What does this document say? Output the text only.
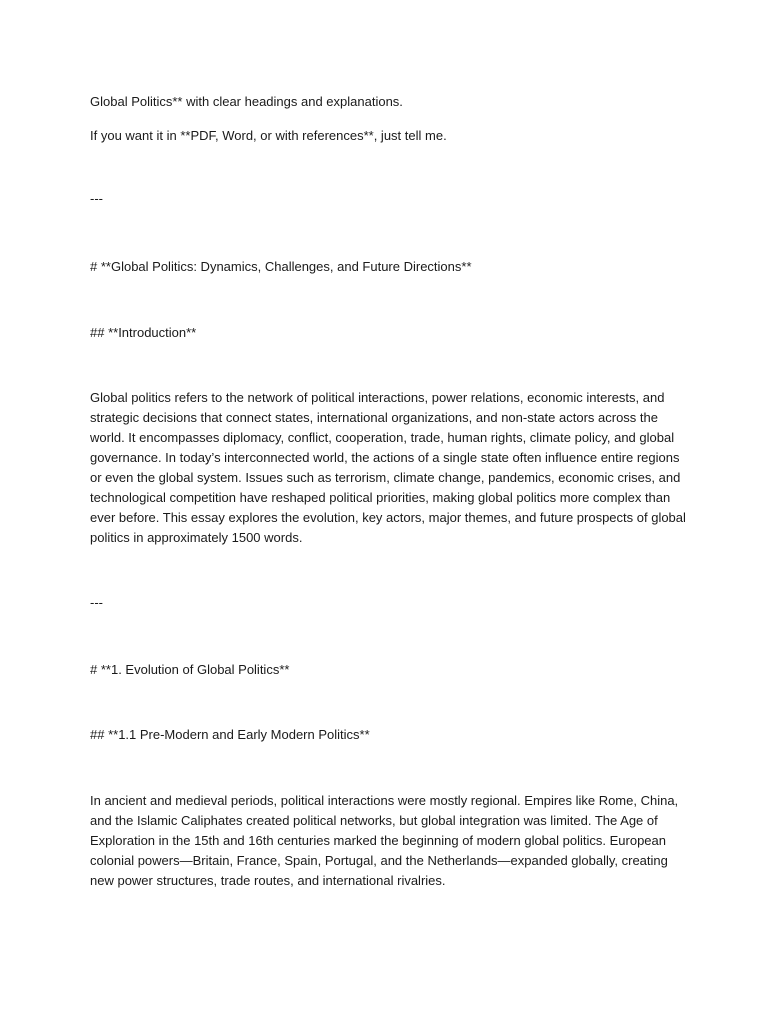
Global Politics** with clear headings and explanations.
If you want it in **PDF, Word, or with references**, just tell me.
---
# **Global Politics: Dynamics, Challenges, and Future Directions**
## **Introduction**
Global politics refers to the network of political interactions, power relations, economic interests, and
strategic decisions that connect states, international organizations, and non-state actors across the
world. It encompasses diplomacy, conflict, cooperation, trade, human rights, climate policy, and global
governance. In today’s interconnected world, the actions of a single state often influence entire regions
or even the global system. Issues such as terrorism, climate change, pandemics, economic crises, and
technological competition have reshaped political priorities, making global politics more complex than
ever before. This essay explores the evolution, key actors, major themes, and future prospects of global
politics in approximately 1500 words.
---
# **1. Evolution of Global Politics**
## **1.1 Pre-Modern and Early Modern Politics**
In ancient and medieval periods, political interactions were mostly regional. Empires like Rome, China,
and the Islamic Caliphates created political networks, but global integration was limited. The Age of
Exploration in the 15th and 16th centuries marked the beginning of modern global politics. European
colonial powers—Britain, France, Spain, Portugal, and the Netherlands—expanded globally, creating
new power structures, trade routes, and international rivalries.
